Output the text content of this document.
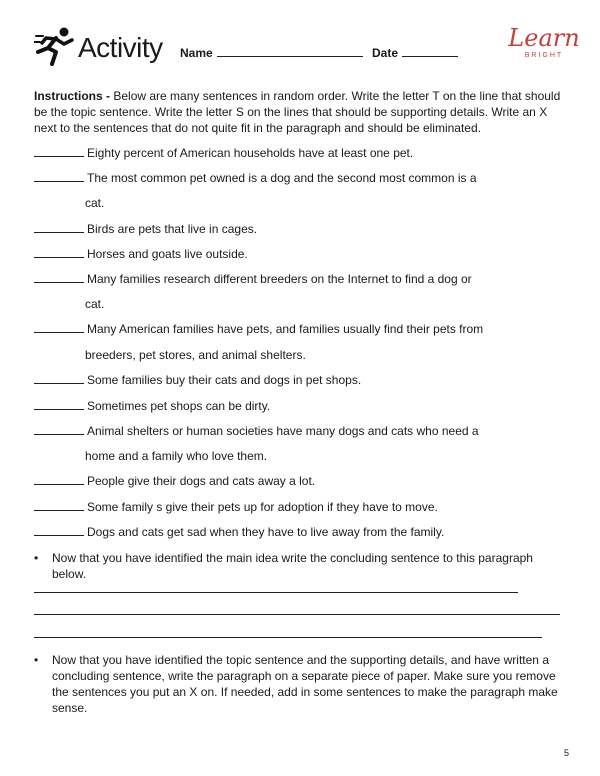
Activity Name	Date
Learn
BRIGHT
Instructions - Below are many sentences in random order. Write the letter T on the line that should be the topic sentence. Write the letter S on the lines that should be supporting details. Write an X next to the sentences that do not quite fit in the paragraph and should be eliminated.
Eighty percent of American households have at least one pet.
The most common pet owned is a dog and the second most common is a
cat.
Birds are pets that live in cages.
Horses and goats live outside.
Many families research different breeders on the Internet to find a dog or
cat.
Many American families have pets, and families usually find their pets from
breeders, pet stores, and animal shelters.
Some families buy their cats and dogs in pet shops.
Sometimes pet shops can be dirty.
Animal shelters or human societies have many dogs and cats who need a
home and a family who love them.
People give their dogs and cats away a lot.
Some family s give their pets up for adoption if they have to move.
Dogs and cats get sad when they have to live away from the family.
• Now that you have identified the main idea write the concluding sentence to this paragraph below.
• Now that you have identified the topic sentence and the supporting details, and have written a concluding sentence, write the paragraph on a separate piece of paper. Make sure you remove the sentences you put an X on. If needed, add in some sentences to make the paragraph make sense.
5
